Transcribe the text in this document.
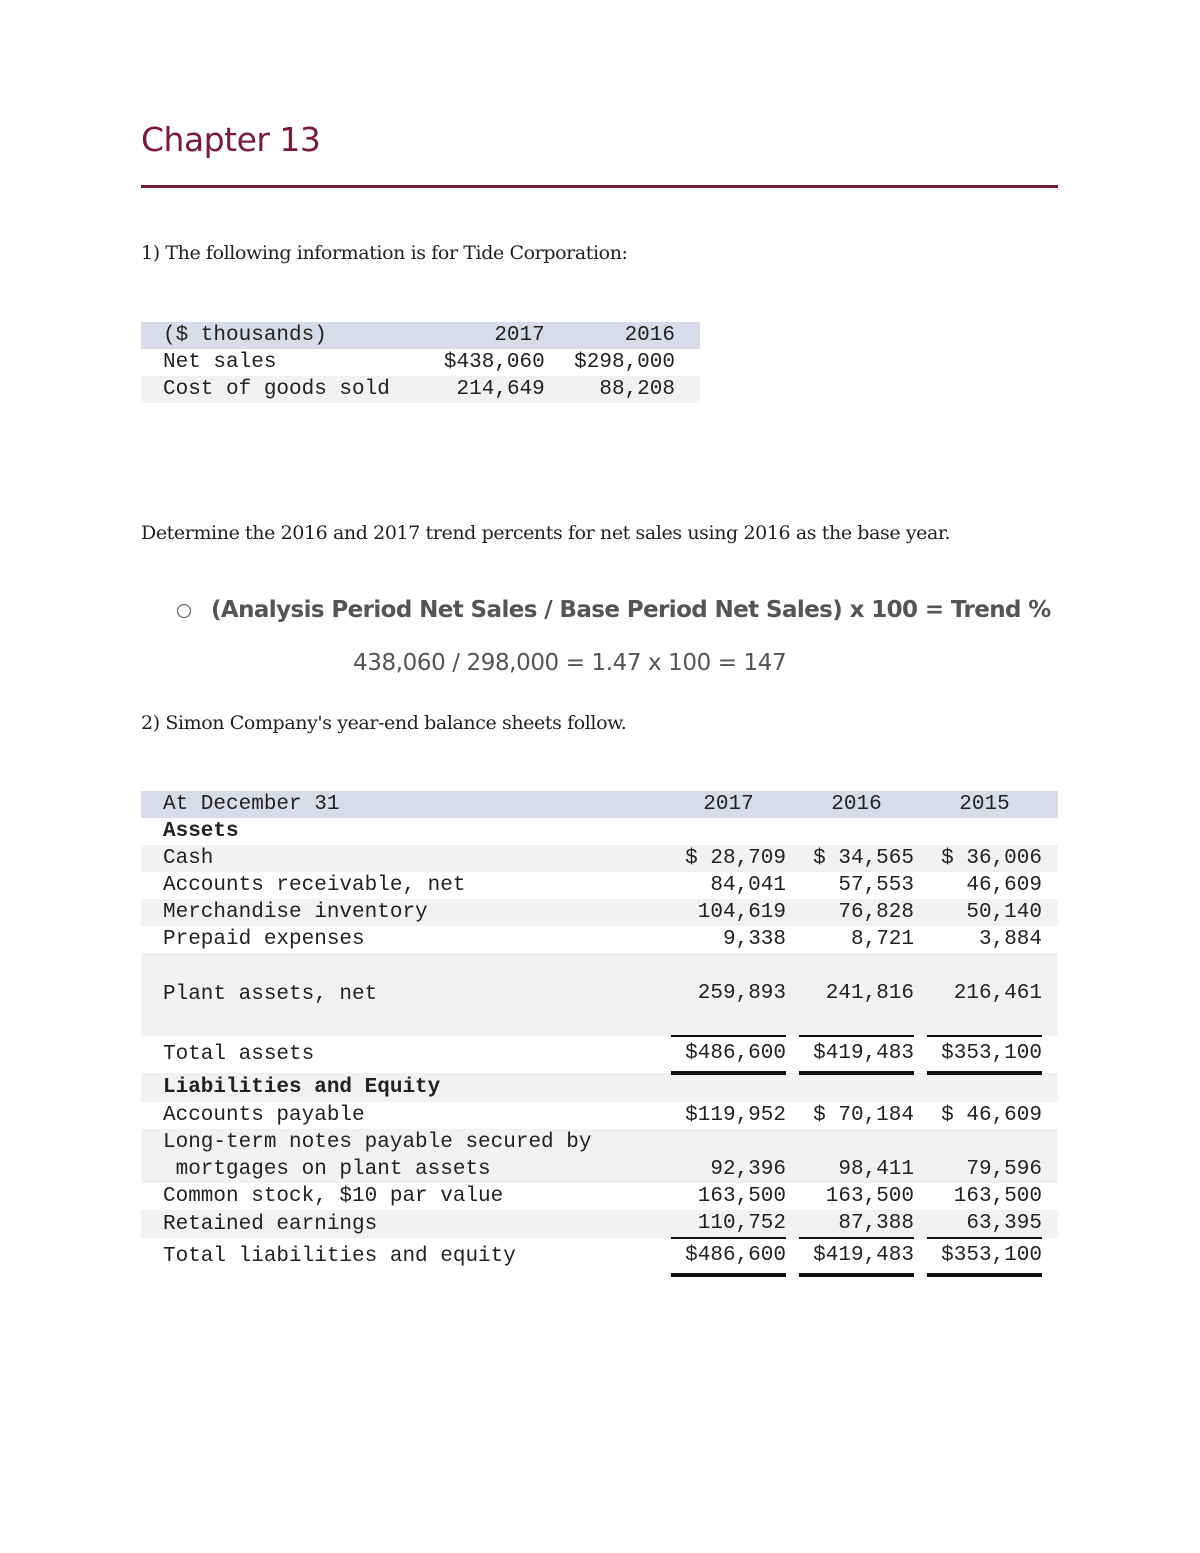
Chapter 13
1) The following information is for Tide Corporation:
($ thousands)	2017	2016
Net sales	$438,060	$298,000
Cost of goods sold	214,649	88,208
Determine the 2016 and 2017 trend percents for net sales using 2016 as the base year.
(Analysis Period Net Sales / Base Period Net Sales) x 100 = Trend %
438,060 / 298,000 = 1.47 x 100 = 147
2) Simon Company's year-end balance sheets follow.
At December 31	2017		2016		2015	
Assets						
Cash	$ 28,709		$ 34,565		$ 36,006	
Accounts receivable, net	84,041		57,553		46,609	
Merchandise inventory	104,619		76,828		50,140	
Prepaid expenses	9,338		8,721		3,884	
Plant assets, net	259,893		241,816		216,461	
Total assets	$486,600		$419,483		$353,100	
Liabilities and Equity						
Accounts payable	$119,952		$ 70,184		$ 46,609	
Long-term notes payable secured by						
mortgages on plant assets	92,396		98,411		79,596	
Common stock, $10 par value	163,500		163,500		163,500	
Retained earnings	110,752		87,388		63,395	
Total liabilities and equity	$486,600		$419,483		$353,100	
